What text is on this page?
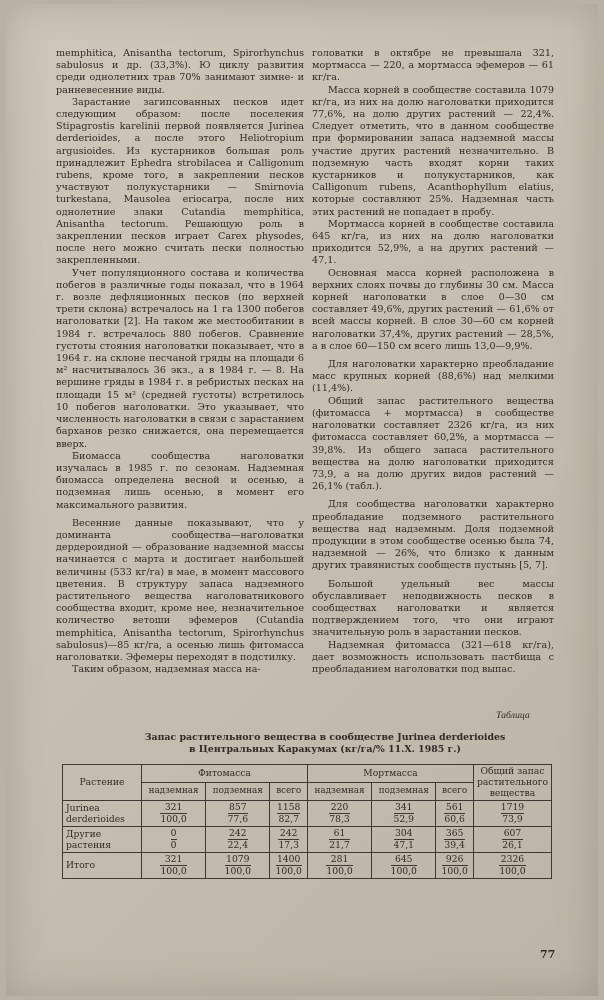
memphitica, Anisantha tectorum, Spirorhynchus sabulosus и др. (33,3%). Ю циклу развития среди однолетних трав 70% занимают зимне- и ранневесенние виды.

Зарастание загипсованных песков идет следующим образом: после поселения Stipagrostis karelinii первой появляется Jurinea derderioides, а после этого Heliotropium argusioides. Из кустарников большая роль принадлежит Ephedra strobilacea и Calligonum rubens, кроме того, в закреплении песков участвуют полукустарники — Smirnovia turkestana, Mausolea eriocarpa, после них однолетние злаки Cutandia memphitica, Anisantha tectorum. Решающую роль в закреплении песков играет Carex physodes, после него можно считать пески полностью закрепленными.

Учет популяционного состава и количества побегов в различные годы показал, что в 1964 г. возле дефляционных песков (по верхней трети склона) встречалось на 1 га 1300 побегов наголоватки [2]. На таком же местообитании в 1984 г. встречалось 880 побегов. Сравнение густоты стояния наголоватки показывает, что в 1964 г. на склоне песчаной гряды на площади 6 м² насчитывалось 36 экз., а в 1984 г. — 8. На вершине гряды в 1984 г. в ребристых песках на площади 15 м² (средней густоты) встретилось 10 побегов наголоватки. Это указывает, что численность наголоватки в связи с зарастанием барханов резко снижается, она перемещается вверх.

Биомасса сообщества наголоватки изучалась в 1985 г. по сезонам. Надземная биомасса определена весной и осенью, а подземная лишь осенью, в момент его максимального развития.

Весенние данные показывают, что у доминанта сообщества—наголоватки дердероидной — образование надземной массы начинается с марта и достигает наибольшей величины (533 кг/га) в мае, в момент массового цветения. В структуру запаса надземного растительного вещества наголоватникового сообщества входит, кроме нее, незначительное количество ветоши эфемеров (Cutandia memphitica, Anisantha tectorum, Spirorhynchus sabulosus)—85 кг/га, а осенью лишь фитомасса наголоватки. Эфемеры переходят в подстилку.

Таким образом, надземная масса на-

головатки в октябре не превышала 321, мортмасса — 220, а мортмасса эфемеров — 61 кг/га.

Масса корней в сообществе составила 1079 кг/га, из них на долю наголоватки приходится 77,6%, на долю других растений — 22,4%. Следует отметить, что в данном сообществе при формировании запаса надземной массы участие других растений незначительно. В подземную часть входят корни таких кустарников и полукустарников, как Calligonum rubens, Acanthophyllum elatius, которые составляют 25%. Надземная часть этих растений не попадает в пробу.

Мортмасса корней в сообществе составила 645 кг/га, из них на долю наголоватки приходится 52,9%, а на других растений — 47,1.

Основная масса корней расположена в верхних слоях почвы до глубины 30 см. Масса корней наголоватки в слое 0—30 см составляет 49,6%, других растений — 61,6% от всей массы корней. В слое 30—60 см корней наголоватки 37,4%, других растений — 28,5%, а в слое 60—150 см всего лишь 13,0—9,9%.

Для наголоватки характерно преобладание масс крупных корней (88,6%) над мелкими (11,4%).

Общий запас растительного вещества (фитомасса + мортмасса) в сообществе наголоватки составляет 2326 кг/га, из них фитомасса составляет 60,2%, а мортмасса — 39,8%. Из общего запаса растительного вещества на долю наголоватки приходится 73,9, а на долю других видов растений — 26,1% (табл.).

Для сообщества наголоватки характерно преобладание подземного растительного вещества над надземным. Доля подземной продукции в этом сообществе осенью была 74, надземной — 26%, что близко к данным других травянистых сообществ пустынь [5, 7].

Большой удельный вес массы обуславливает неподвижность песков в сообществах наголоватки и является подтверждением того, что они играют значительную роль в зарастании песков.

Надземная фитомасса (321—618 кг/га), дает возможность использовать пастбища с преобладанием наголоватки под выпас.

Таблица
Запас растительного вещества в сообществе Jurinea derderioides
в Центральных Каракумах (кг/га/% 11.X. 1985 г.)
Растение	Фитомасса			Мортмасса			Общий запас растительного вещества
	надземная	подземная	всего	надземная	подземная	всего	
Jurinea derderioides	$\frac{321}{100,0}$	$\frac{857}{77,6}$	$\frac{1158}{82,7}$	$\frac{220}{78,3}$	$\frac{341}{52,9}$	$\frac{561}{60,6}$	$\frac{1719}{73,9}$

Другие растения	$\frac{0}{0}$	$\frac{242}{22,4}$	$\frac{242}{17,3}$	$\frac{61}{21,7}$	$\frac{304}{47,1}$	$\frac{365}{39,4}$	$\frac{607}{26,1}$

Итого	$\frac{321}{100,0}$	$\frac{1079}{100,0}$	$\frac{1400}{100,0}$	$\frac{281}{100,0}$	$\frac{645}{100,0}$	$\frac{926}{100,0}$	$\frac{2326}{100,0}$
77
